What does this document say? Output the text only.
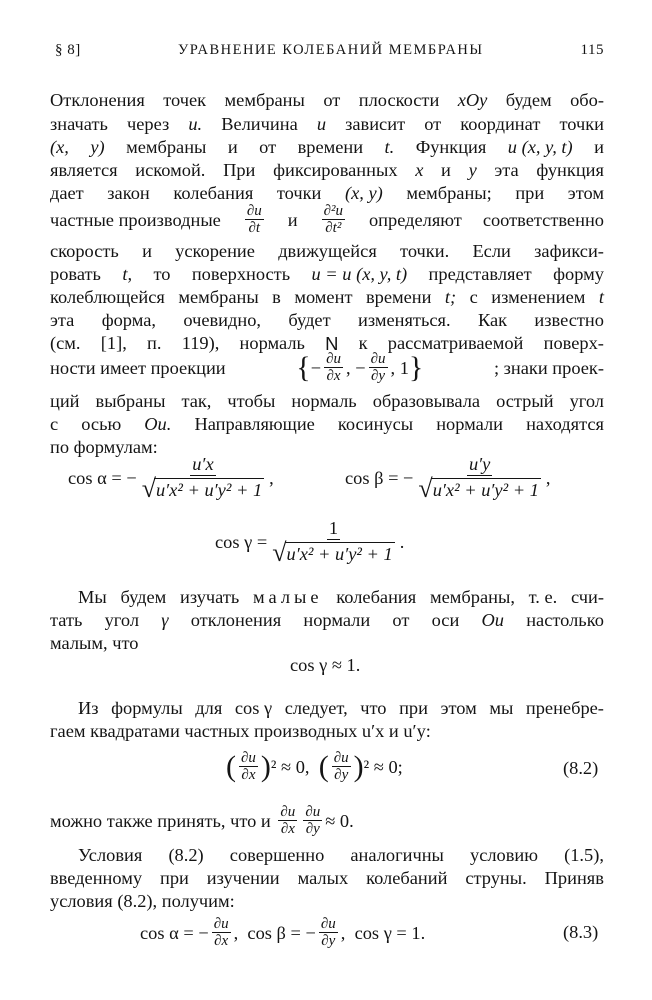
§ 8]	УРАВНЕНИЕ КОЛЕБАНИЙ МЕМБРАНЫ	115
Отклонения точек мембраны от плоскости xOy будем обо-
значать через u. Величина u зависит от координат точки
(x, y) мембраны и от времени t. Функция u (x, y, t) и
является искомой. При фиксированных x и y эта функция
дает закон колебания точки (x, y) мембраны; при этом
частные производные $\frac{\partial u}{\partial t}$ и $\frac{\text{∂²u}}{\text{∂t²}}$ определяют соответственно
скорость и ускорение движущейся точки. Если зафикси-
ровать t, то поверхность u = u (x, y, t) представляет форму
колеблющейся мембраны в момент времени t; с изменением t
эта форма, очевидно, будет изменяться. Как известно
(см. [1], п. 119), нормаль N к рассматриваемой поверх-
ности имеет проекции { − $\frac{\partial u}{\partial x}$ , − $\frac{\partial u}{\partial y}$ , 1 }	; знаки проек-
ций выбраны так, чтобы нормаль образовывала острый угол
с осью Ou. Направляющие косинусы нормали находятся
по формулам:
cos α = − $\frac{u'x}{\text{√ u′x² + u′y² + 1}}$ ,	cos β = − $\frac{u'y}{\text{√ u′x² + u′y² + 1}}$ ,
$\cos \gamma = \frac{1}{\text{√ u′x² + u′y² + 1}}$ .
Мы будем изучать малые колебания мембраны, т. е. счи-
тать угол γ отклонения нормали от оси Ou настолько
малым, что
cos γ ≈ 1.
Из формулы для cos γ следует, что при этом мы пренебре-
гаем квадратами частных производных u′x и u′y:
( $\frac{\partial u}{\partial x}$ ) ² ≈ 0,
( $\frac{\partial u}{\partial y}$ ) ² ≈ 0;	(8.2)
можно также принять, что и
$\frac{\partial u}{\partial x} \frac{\partial u}{\partial y} \approx 0$.
Условия (8.2) совершенно аналогичны условию (1.5),
введенному при изучении малых колебаний струны. Приняв
условия (8.2), получим:
cos α = − $\frac{\partial u}{\partial x}$ ,
cos β = − $\frac{\partial u}{\partial y}$ ,
cos γ = 1.	(8.3)
